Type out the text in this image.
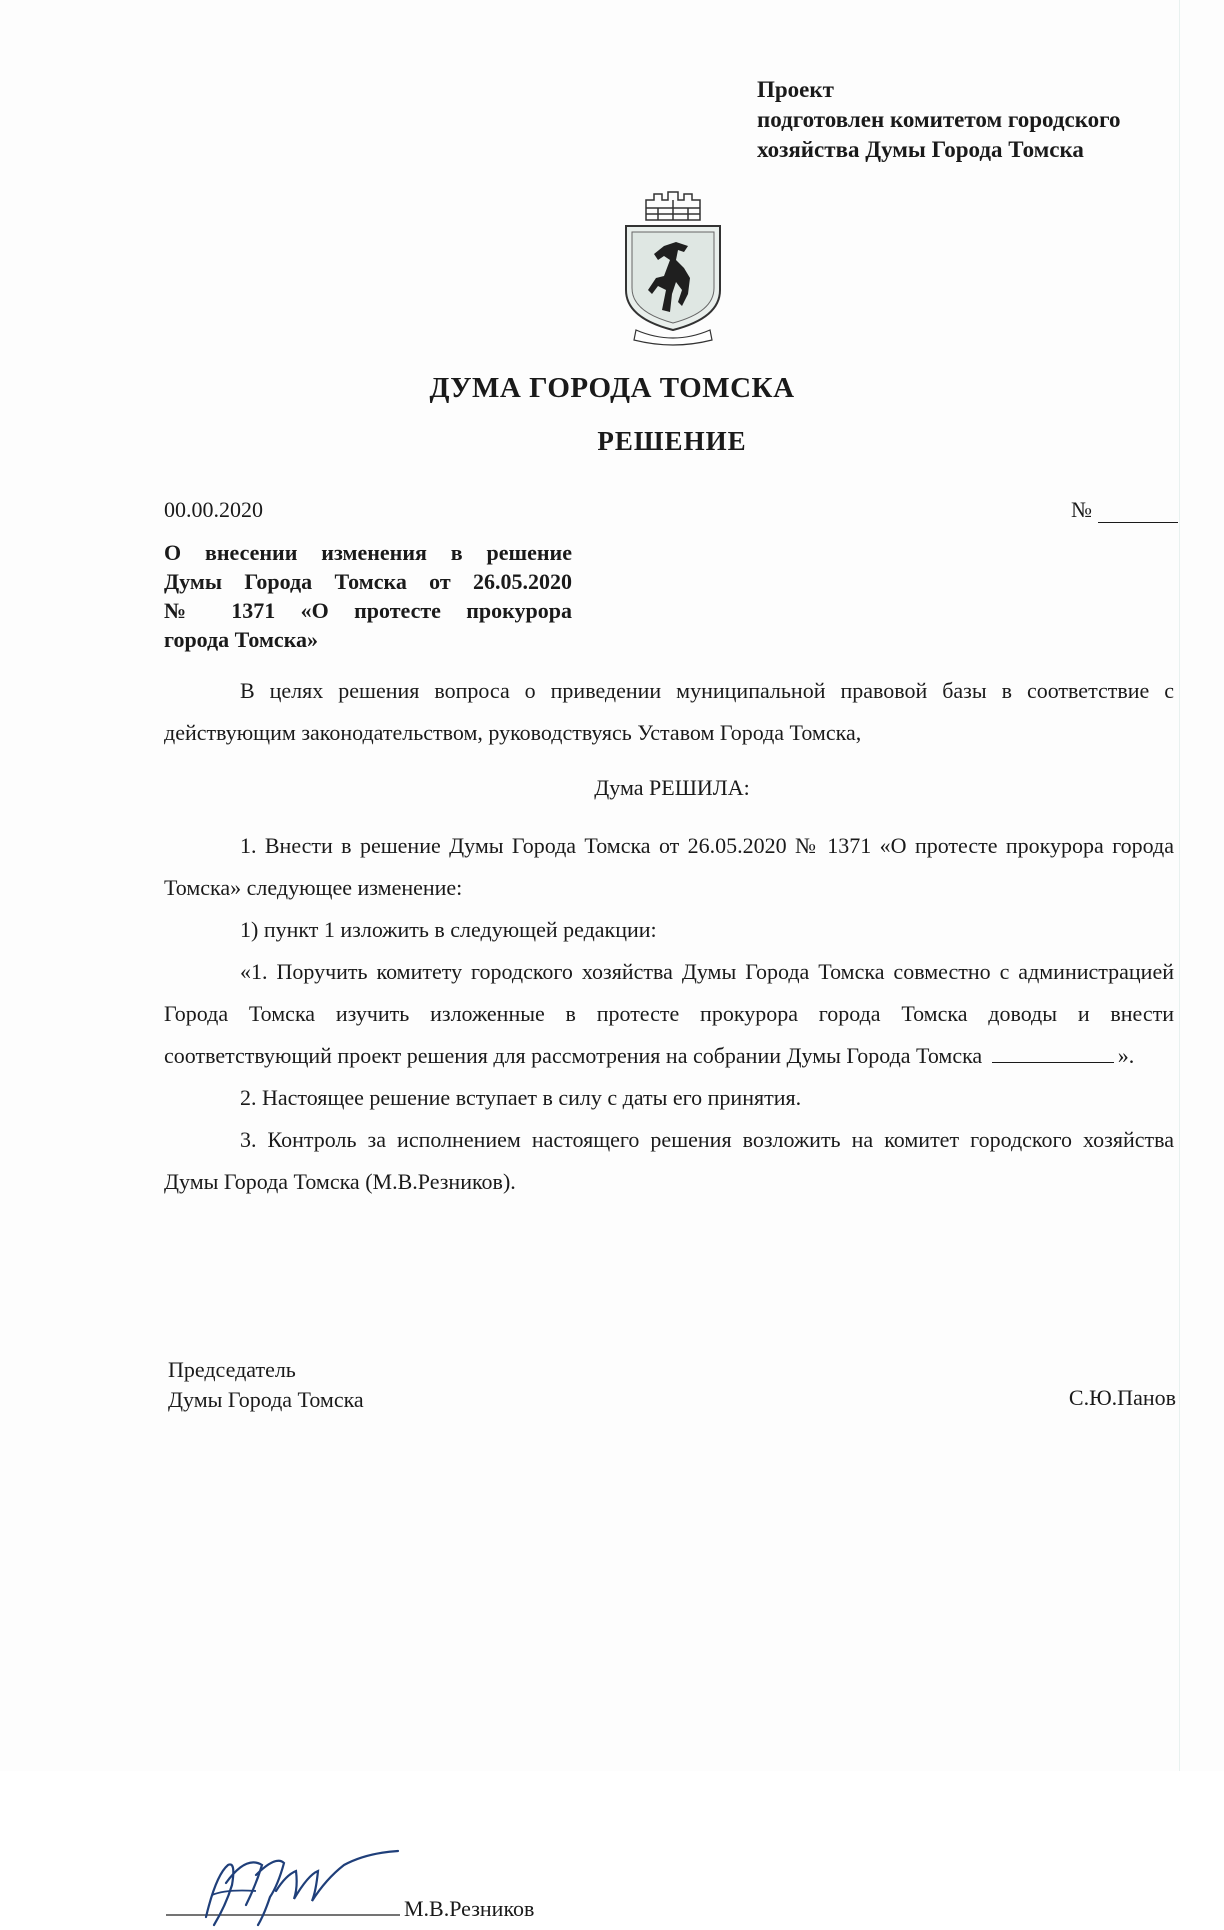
Проект
подготовлен комитетом городского
хозяйства Думы Города Томска
ДУМА ГОРОДА ТОМСКА
РЕШЕНИЕ
00.00.2020	№
О внесении изменения в решение
Думы Города Томска от 26.05.2020
№ 1371 «О протесте прокурора
города Томска»

В целях решения вопроса о приведении муниципальной правовой базы в соответствие с действующим законодательством, руководствуясь Уставом Города Томска,

Дума РЕШИЛА:

1. Внести в решение Думы Города Томска от 26.05.2020 № 1371 «О протесте прокурора города Томска» следующее изменение:

1) пункт 1 изложить в следующей редакции:

«1. Поручить комитету городского хозяйства Думы Города Томска совместно с администрацией Города Томска изучить изложенные в протесте прокурора города Томска доводы и внести соответствующий проект решения для рассмотрения на собрании Думы Города Томска	».

2. Настоящее решение вступает в силу с даты его принятия.

3. Контроль за исполнением настоящего решения возложить на комитет городского хозяйства Думы Города Томска (М.В.Резников).

Председатель
Думы Города Томска	С.Ю.Панов
М.В.Резников
